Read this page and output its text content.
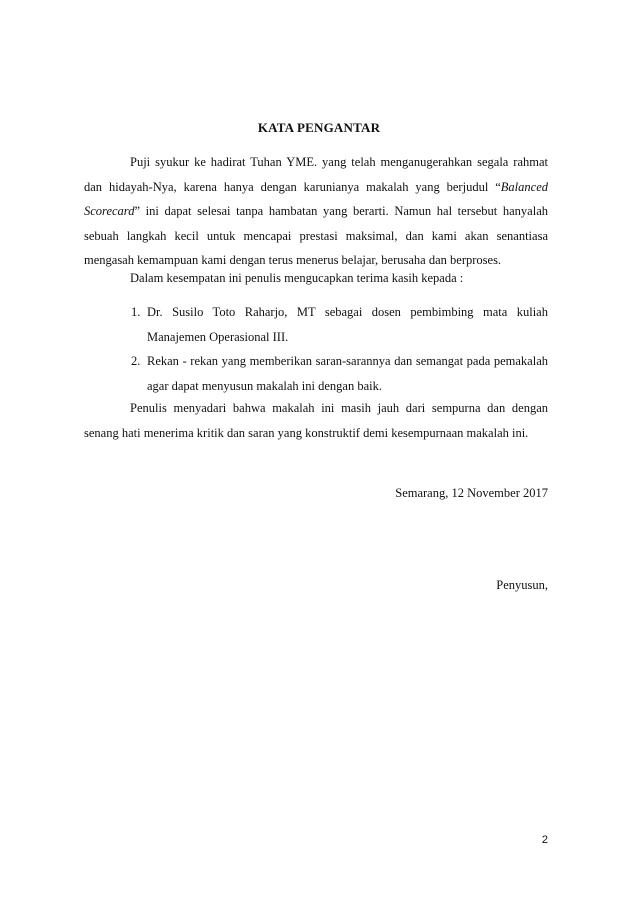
KATA PENGANTAR

Puji syukur ke hadirat Tuhan YME. yang telah menganugerahkan segala rahmat dan hidayah-Nya, karena hanya dengan karunianya makalah yang berjudul “Balanced Scorecard” ini dapat selesai tanpa hambatan yang berarti. Namun hal tersebut hanyalah sebuah langkah kecil untuk mencapai prestasi maksimal, dan kami akan senantiasa mengasah kemampuan kami dengan terus menerus belajar, berusaha dan berproses.

Dalam kesempatan ini penulis mengucapkan terima kasih kepada :

1. Dr. Susilo Toto Raharjo, MT sebagai dosen pembimbing mata kuliah Manajemen Operasional III.
2. Rekan - rekan yang memberikan saran-sarannya dan semangat pada pemakalah agar dapat menyusun makalah ini dengan baik.

Penulis menyadari bahwa makalah ini masih jauh dari sempurna dan dengan senang hati menerima kritik dan saran yang konstruktif demi kesempurnaan makalah ini.

Semarang, 12 November 2017
Penyusun,
2
